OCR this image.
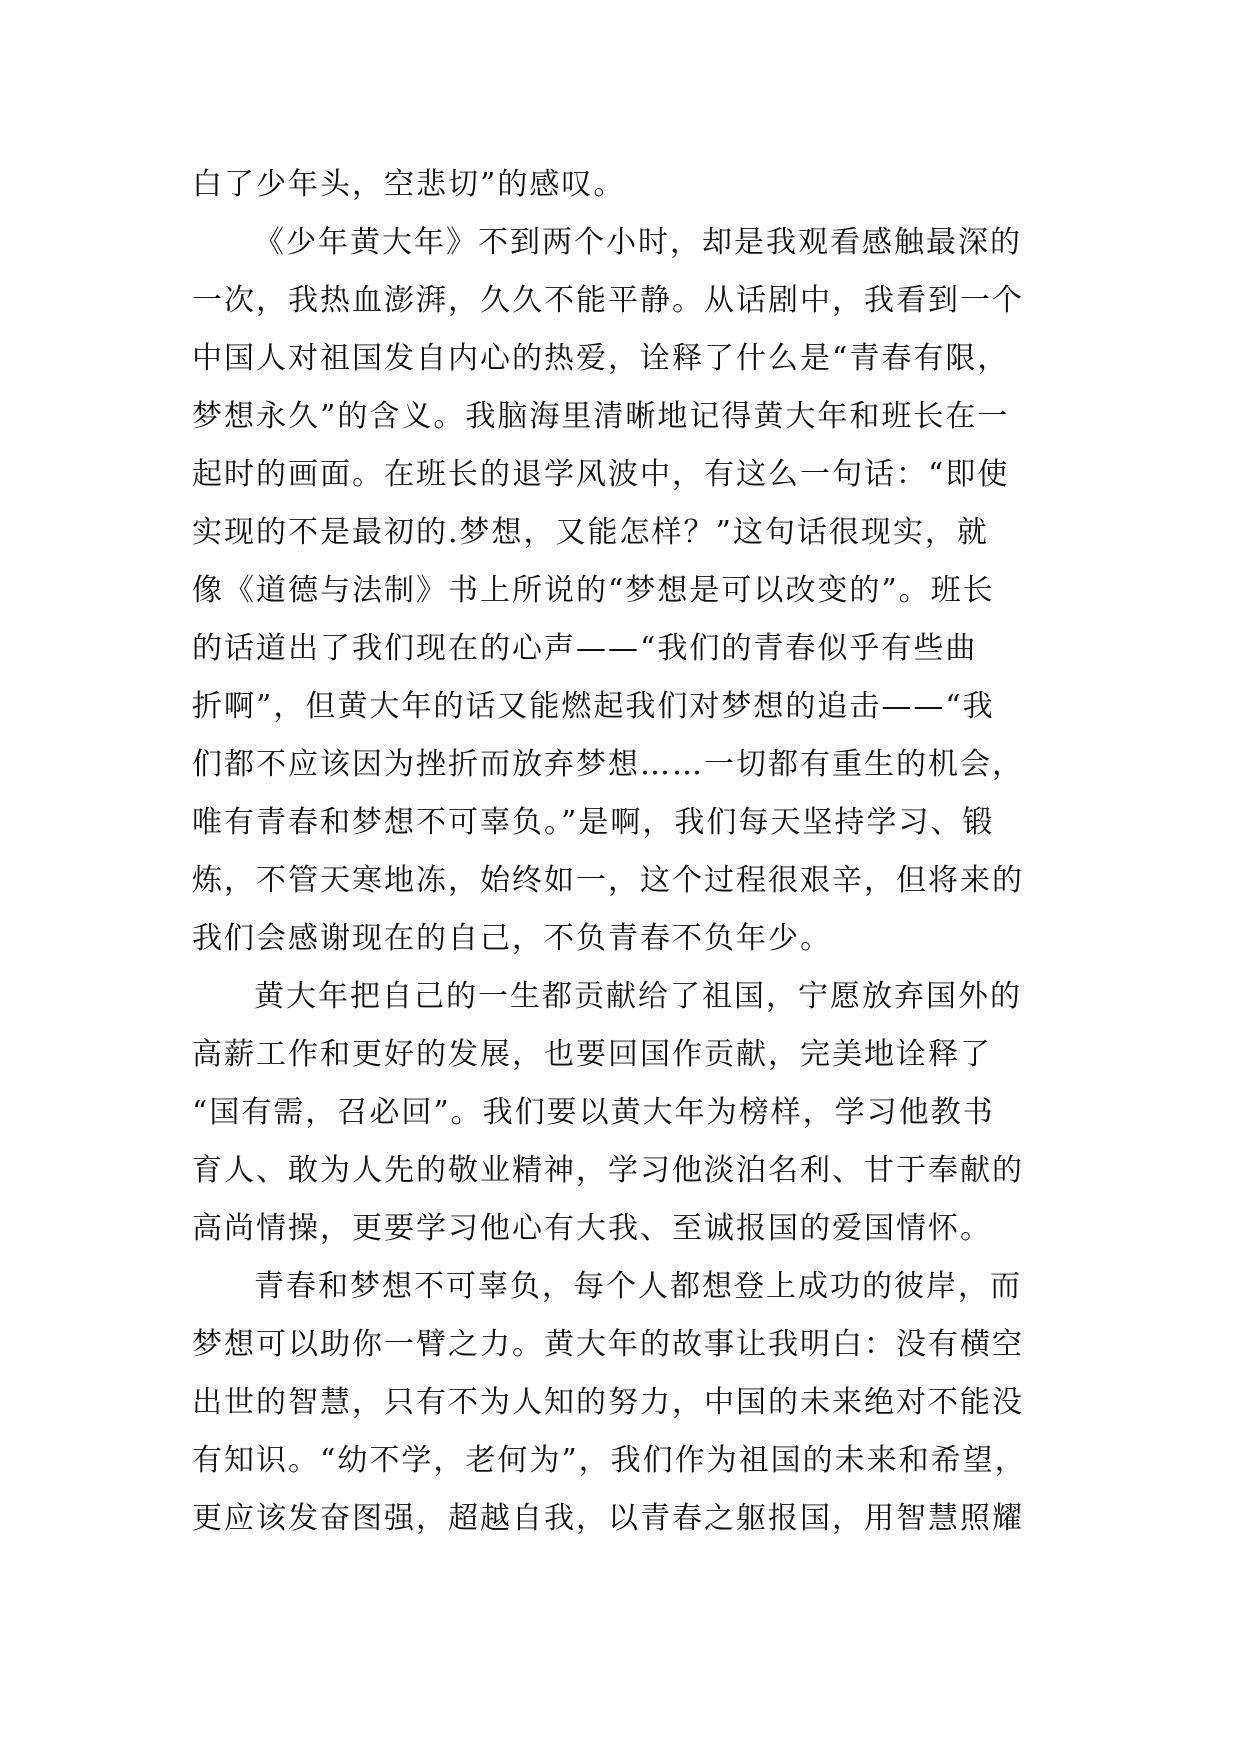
白了少年头，空悲切”的感叹。
《少年黄大年》不到两个小时，却是我观看感触最深的
一次，我热血澎湃，久久不能平静。从话剧中，我看到一个
中国人对祖国发自内心的热爱，诠释了什么是“青春有限，
梦想永久”的含义。我脑海里清晰地记得黄大年和班长在一
起时的画面。在班长的退学风波中，有这么一句话：“即使
实现的不是最初的.梦想，又能怎样？”这句话很现实，就
像《道德与法制》书上所说的“梦想是可以改变的”。班长
的话道出了我们现在的心声——“我们的青春似乎有些曲
折啊”，但黄大年的话又能燃起我们对梦想的追击——“我
们都不应该因为挫折而放弃梦想……一切都有重生的机会，
唯有青春和梦想不可辜负。”是啊，我们每天坚持学习、锻
炼，不管天寒地冻，始终如一，这个过程很艰辛，但将来的
我们会感谢现在的自己，不负青春不负年少。
黄大年把自己的一生都贡献给了祖国，宁愿放弃国外的
高薪工作和更好的发展，也要回国作贡献，完美地诠释了
“国有需，召必回”。我们要以黄大年为榜样，学习他教书
育人、敢为人先的敬业精神，学习他淡泊名利、甘于奉献的
高尚情操，更要学习他心有大我、至诚报国的爱国情怀。
青春和梦想不可辜负，每个人都想登上成功的彼岸，而
梦想可以助你一臂之力。黄大年的故事让我明白：没有横空
出世的智慧，只有不为人知的努力，中国的未来绝对不能没
有知识。“幼不学，老何为”，我们作为祖国的未来和希望，
更应该发奋图强，超越自我，以青春之躯报国，用智慧照耀
